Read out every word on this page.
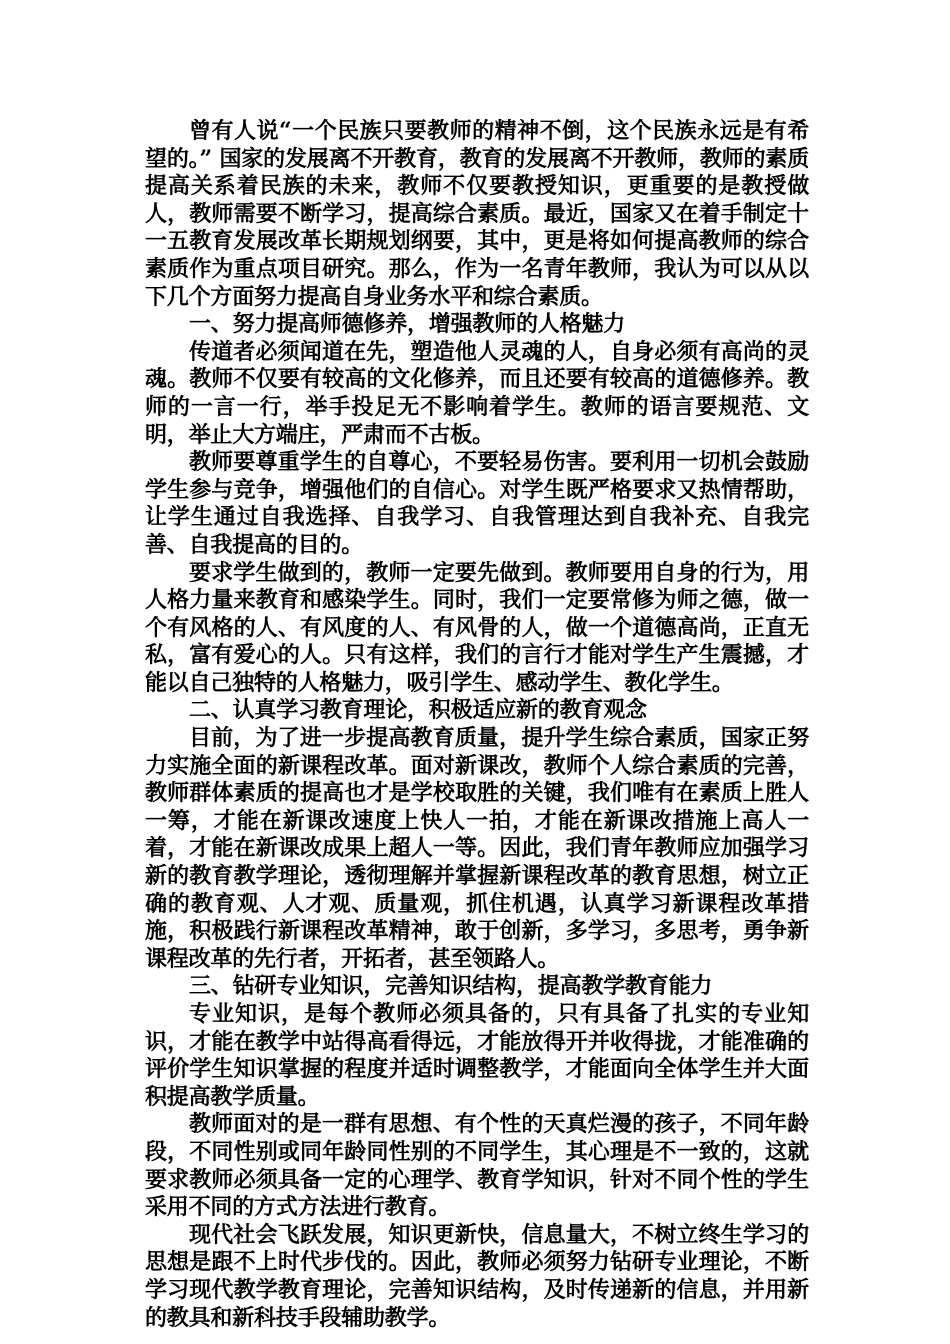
曾有人说“一个民族只要教师的精神不倒，这个民族永远是有希望的。” 国家的发展离不开教育，教育的发展离不开教师，教师的素质提高关系着民族的未来，教师不仅要教授知识，更重要的是教授做人，教师需要不断学习，提高综合素质。最近，国家又在着手制定十一五教育发展改革长期规划纲要，其中，更是将如何提高教师的综合素质作为重点项目研究。那么，作为一名青年教师，我认为可以从以下几个方面努力提高自身业务水平和综合素质。

一、努力提高师德修养，增强教师的人格魅力

传道者必须闻道在先，塑造他人灵魂的人，自身必须有高尚的灵魂。教师不仅要有较高的文化修养，而且还要有较高的道德修养。教师的一言一行，举手投足无不影响着学生。教师的语言要规范、文明，举止大方端庄，严肃而不古板。

教师要尊重学生的自尊心，不要轻易伤害。要利用一切机会鼓励学生参与竞争，增强他们的自信心。对学生既严格要求又热情帮助，让学生通过自我选择、自我学习、自我管理达到自我补充、自我完善、自我提高的目的。

要求学生做到的，教师一定要先做到。教师要用自身的行为，用人格力量来教育和感染学生。同时，我们一定要常修为师之德，做一个有风格的人、有风度的人、有风骨的人，做一个道德高尚，正直无私，富有爱心的人。只有这样，我们的言行才能对学生产生震撼，才能以自己独特的人格魅力，吸引学生、感动学生、教化学生。

二、认真学习教育理论，积极适应新的教育观念

目前，为了进一步提高教育质量，提升学生综合素质，国家正努力实施全面的新课程改革。面对新课改，教师个人综合素质的完善，教师群体素质的提高也才是学校取胜的关键，我们唯有在素质上胜人一筹，才能在新课改速度上快人一拍，才能在新课改措施上高人一着，才能在新课改成果上超人一等。因此，我们青年教师应加强学习新的教育教学理论，透彻理解并掌握新课程改革的教育思想，树立正确的教育观、人才观、质量观，抓住机遇，认真学习新课程改革措施，积极践行新课程改革精神，敢于创新，多学习，多思考，勇争新课程改革的先行者，开拓者，甚至领路人。

三、钻研专业知识，完善知识结构，提高教学教育能力

专业知识，是每个教师必须具备的，只有具备了扎实的专业知识，才能在教学中站得高看得远，才能放得开并收得拢，才能准确的评价学生知识掌握的程度并适时调整教学，才能面向全体学生并大面积提高教学质量。

教师面对的是一群有思想、有个性的天真烂漫的孩子，不同年龄段，不同性别或同年龄同性别的不同学生，其心理是不一致的，这就要求教师必须具备一定的心理学、教育学知识，针对不同个性的学生采用不同的方式方法进行教育。

现代社会飞跃发展，知识更新快，信息量大，不树立终生学习的思想是跟不上时代步伐的。因此，教师必须努力钻研专业理论，不断学习现代教学教育理论，完善知识结构，及时传递新的信息，并用新的教具和新科技手段辅助教学。
